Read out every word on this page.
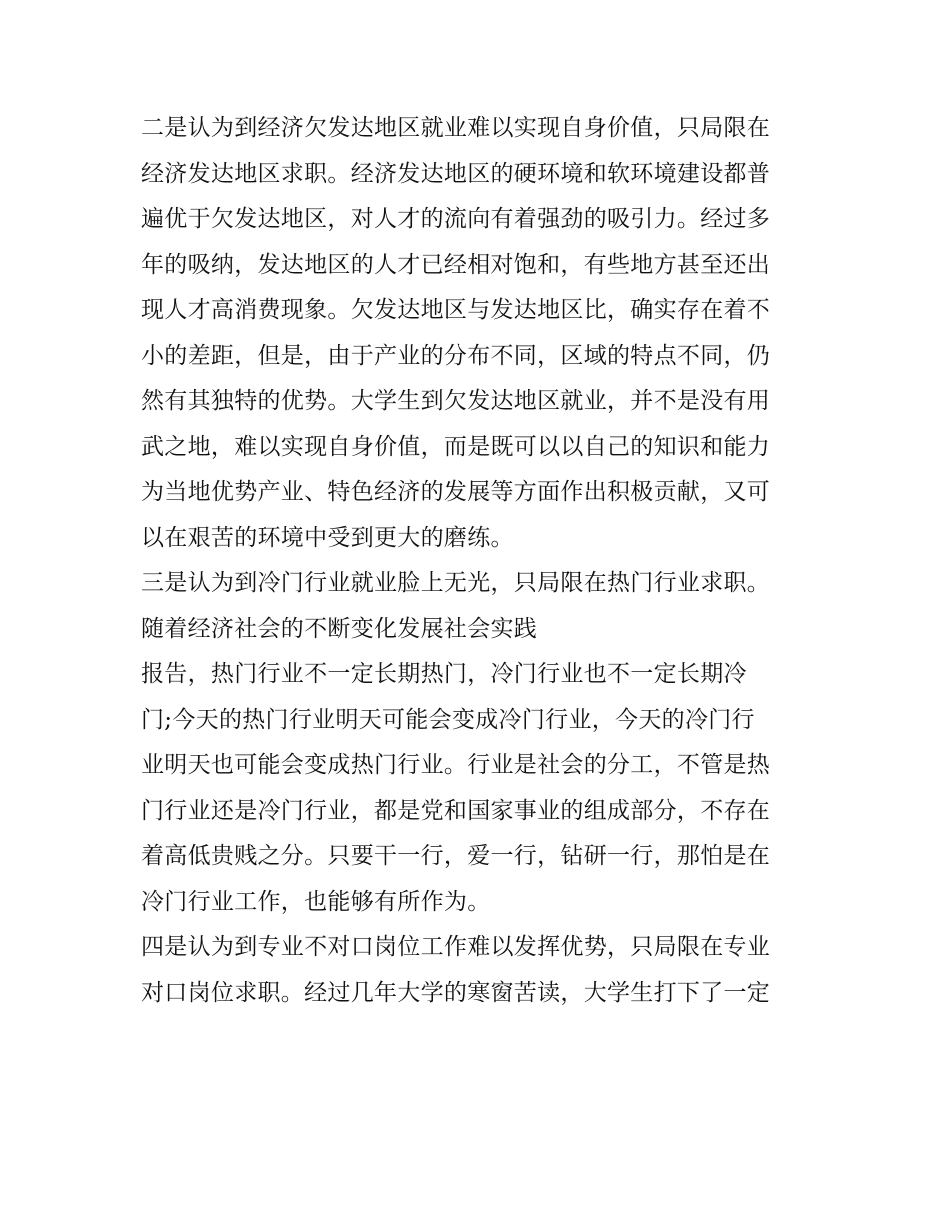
二是认为到经济欠发达地区就业难以实现自身价值，只局限在
经济发达地区求职。经济发达地区的硬环境和软环境建设都普
遍优于欠发达地区，对人才的流向有着强劲的吸引力。经过多
年的吸纳，发达地区的人才已经相对饱和，有些地方甚至还出
现人才高消费现象。欠发达地区与发达地区比，确实存在着不
小的差距，但是，由于产业的分布不同，区域的特点不同，仍
然有其独特的优势。大学生到欠发达地区就业，并不是没有用
武之地，难以实现自身价值，而是既可以以自己的知识和能力
为当地优势产业、特色经济的发展等方面作出积极贡献，又可
以在艰苦的环境中受到更大的磨练。
三是认为到冷门行业就业脸上无光，只局限在热门行业求职。
随着经济社会的不断变化发展社会实践
报告，热门行业不一定长期热门，冷门行业也不一定长期冷
门;今天的热门行业明天可能会变成冷门行业，今天的冷门行
业明天也可能会变成热门行业。行业是社会的分工，不管是热
门行业还是冷门行业，都是党和国家事业的组成部分，不存在
着高低贵贱之分。只要干一行，爱一行，钻研一行，那怕是在
冷门行业工作，也能够有所作为。
四是认为到专业不对口岗位工作难以发挥优势，只局限在专业
对口岗位求职。经过几年大学的寒窗苦读，大学生打下了一定
